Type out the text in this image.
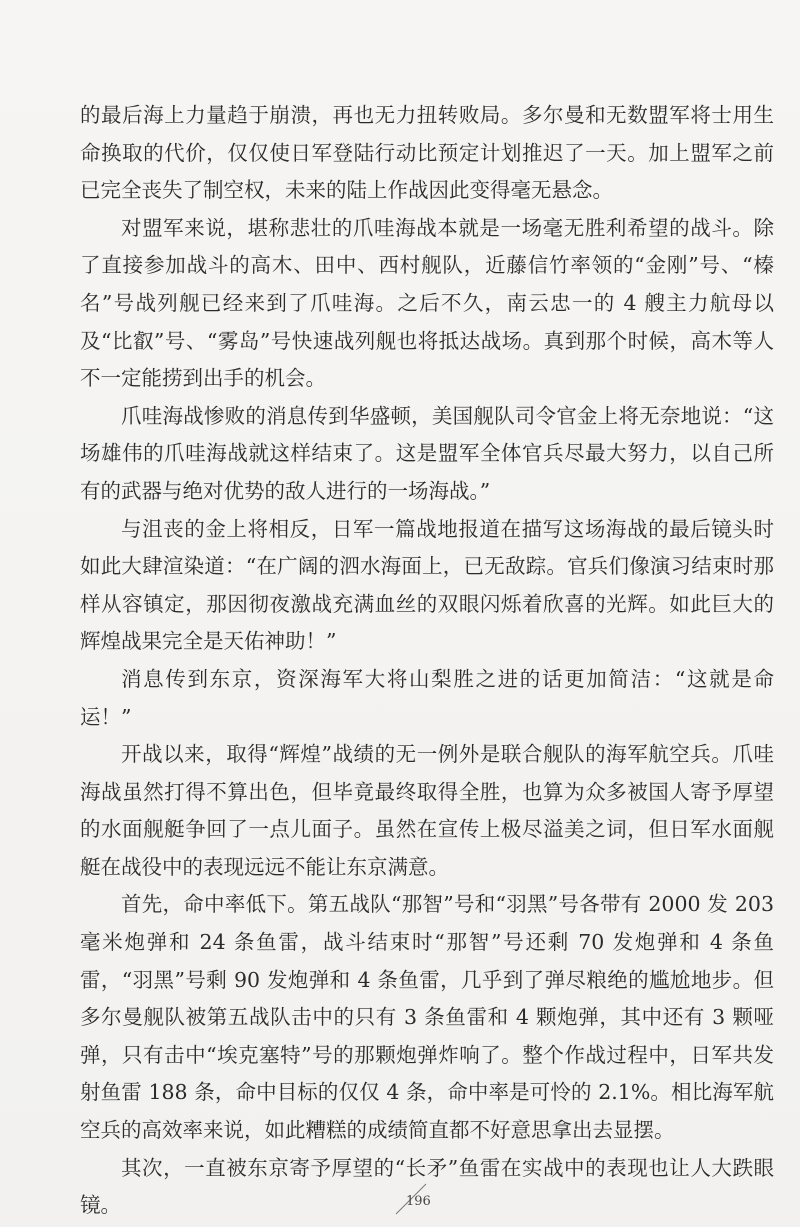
的最后海上力量趋于崩溃，再也无力扭转败局。多尔曼和无数盟军将士用生命换取的代价，仅仅使日军登陆行动比预定计划推迟了一天。加上盟军之前已完全丧失了制空权，未来的陆上作战因此变得毫无悬念。

对盟军来说，堪称悲壮的爪哇海战本就是一场毫无胜利希望的战斗。除了直接参加战斗的高木、田中、西村舰队，近藤信竹率领的“金刚”号、“榛名”号战列舰已经来到了爪哇海。之后不久，南云忠一的 4 艘主力航母以及“比叡”号、“雾岛”号快速战列舰也将抵达战场。真到那个时候，高木等人不一定能捞到出手的机会。

爪哇海战惨败的消息传到华盛顿，美国舰队司令官金上将无奈地说：“这场雄伟的爪哇海战就这样结束了。这是盟军全体官兵尽最大努力，以自己所有的武器与绝对优势的敌人进行的一场海战。”

与沮丧的金上将相反，日军一篇战地报道在描写这场海战的最后镜头时如此大肆渲染道：“在广阔的泗水海面上，已无敌踪。官兵们像演习结束时那样从容镇定，那因彻夜激战充满血丝的双眼闪烁着欣喜的光辉。如此巨大的辉煌战果完全是天佑神助！”

消息传到东京，资深海军大将山梨胜之进的话更加简洁：“这就是命运！”

开战以来，取得“辉煌”战绩的无一例外是联合舰队的海军航空兵。爪哇海战虽然打得不算出色，但毕竟最终取得全胜，也算为众多被国人寄予厚望的水面舰艇争回了一点儿面子。虽然在宣传上极尽溢美之词，但日军水面舰艇在战役中的表现远远不能让东京满意。

首先，命中率低下。第五战队“那智”号和“羽黑”号各带有 2000 发 203 毫米炮弹和 24 条鱼雷，战斗结束时“那智”号还剩 70 发炮弹和 4 条鱼雷，“羽黑”号剩 90 发炮弹和 4 条鱼雷，几乎到了弹尽粮绝的尴尬地步。但多尔曼舰队被第五战队击中的只有 3 条鱼雷和 4 颗炮弹，其中还有 3 颗哑弹，只有击中“埃克塞特”号的那颗炮弹炸响了。整个作战过程中，日军共发射鱼雷 188 条，命中目标的仅仅 4 条，命中率是可怜的 2.1%。相比海军航空兵的高效率来说，如此糟糕的成绩简直都不好意思拿出去显摆。

其次，一直被东京寄予厚望的“长矛”鱼雷在实战中的表现也让人大跌眼镜。	196
